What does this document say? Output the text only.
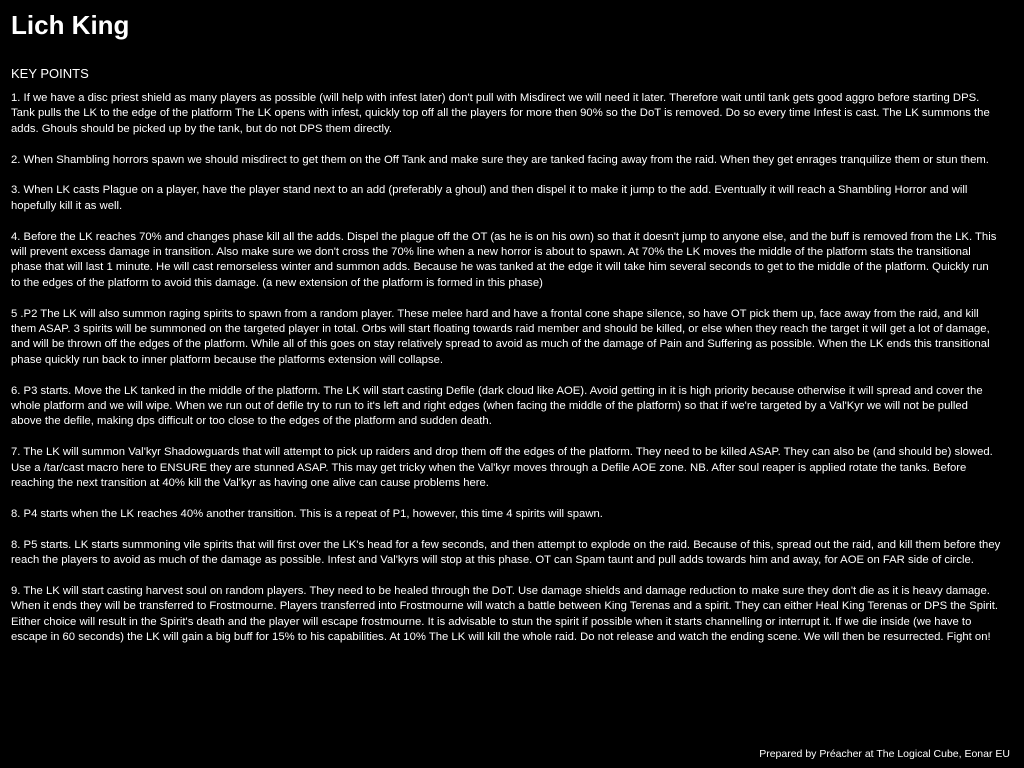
Lich King
KEY POINTS

1. If we have a disc priest shield as many players as possible (will help with infest later) don't pull with Misdirect we will need it later. Therefore wait until tank gets good aggro before starting DPS. Tank pulls the LK to the edge of the platform The LK opens with infest, quickly top off all the players for more then 90% so the DoT is removed. Do so every time Infest is cast. The LK summons the adds. Ghouls should be picked up by the tank, but do not DPS them directly.

2. When Shambling horrors spawn we should misdirect to get them on the Off Tank and make sure they are tanked facing away from the raid. When they get enrages tranquilize them or stun them.

3. When LK casts Plague on a player, have the player stand next to an add (preferably a ghoul) and then dispel it to make it jump to the add. Eventually it will reach a Shambling Horror and will hopefully kill it as well.

4. Before the LK reaches 70% and changes phase kill all the adds. Dispel the plague off the OT (as he is on his own) so that it doesn't jump to anyone else, and the buff is removed from the LK. This will prevent excess damage in transition. Also make sure we don't cross the 70% line when a new horror is about to spawn. At 70% the LK moves the middle of the platform stats the transitional phase that will last 1 minute. He will cast remorseless winter and summon adds. Because he was tanked at the edge it will take him several seconds to get to the middle of the platform. Quickly run to the edges of the platform to avoid this damage. (a new extension of the platform is formed in this phase)

5 .P2 The LK will also summon raging spirits to spawn from a random player. These melee hard and have a frontal cone shape silence, so have OT pick them up, face away from the raid, and kill them ASAP. 3 spirits will be summoned on the targeted player in total. Orbs will start floating towards raid member and should be killed, or else when they reach the target it will get a lot of damage, and will be thrown off the edges of the platform. While all of this goes on stay relatively spread to avoid as much of the damage of Pain and Suffering as possible. When the LK ends this transitional phase quickly run back to inner platform because the platforms extension will collapse.

6. P3 starts. Move the LK tanked in the middle of the platform. The LK will start casting Defile (dark cloud like AOE). Avoid getting in it is high priority because otherwise it will spread and cover the whole platform and we will wipe. When we run out of defile try to run to it's left and right edges (when facing the middle of the platform) so that if we're targeted by a Val'Kyr we will not be pulled above the defile, making dps difficult or too close to the edges of the platform and sudden death.

7. The LK will summon Val'kyr Shadowguards that will attempt to pick up raiders and drop them off the edges of the platform. They need to be killed ASAP. They can also be (and should be) slowed. Use a /tar/cast macro here to ENSURE they are stunned ASAP. This may get tricky when the Val'kyr moves through a Defile AOE zone. NB. After soul reaper is applied rotate the tanks. Before reaching the next transition at 40% kill the Val'kyr as having one alive can cause problems here.

8. P4 starts when the LK reaches 40% another transition. This is a repeat of P1, however, this time 4 spirits will spawn.

8. P5 starts. LK starts summoning vile spirits that will first over the LK's head for a few seconds, and then attempt to explode on the raid. Because of this, spread out the raid, and kill them before they reach the players to avoid as much of the damage as possible. Infest and Val'kyrs will stop at this phase. OT can Spam taunt and pull adds towards him and away, for AOE on FAR side of circle.

9. The LK will start casting harvest soul on random players. They need to be healed through the DoT. Use damage shields and damage reduction to make sure they don't die as it is heavy damage. When it ends they will be transferred to Frostmourne. Players transferred into Frostmourne will watch a battle between King Terenas and a spirit. They can either Heal King Terenas or DPS the Spirit. Either choice will result in the Spirit's death and the player will escape frostmourne. It is advisable to stun the spirit if possible when it starts channelling or interrupt it. If we die inside (we have to escape in 60 seconds) the LK will gain a big buff for 15% to his capabilities. At 10% The LK will kill the whole raid. Do not release and watch the ending scene. We will then be resurrected. Fight on!

Prepared by Préacher at The Logical Cube, Eonar EU
